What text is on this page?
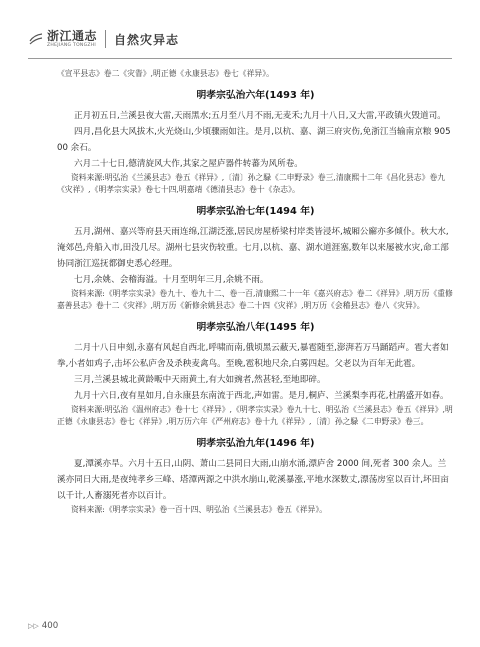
浙江通志
ZHEJIANG TONGZHI 自然灾异志

《宣平县志》卷二《灾眚》,明正德《永康县志》卷七《祥异》。

明孝宗弘治六年(1493 年)

正月初五日,兰溪县夜大雷,天雨黑水;五月至八月不雨,无麦禾;九月十八日,又大雷,平政镇火毁道司。

四月,昌化县大风拔木,火光烧山,少顷骤雨如注。是月,以杭、嘉、湖三府灾伤,免浙江当输南京粮 90500 余石。

六月二十七日,德清旋风大作,其家之屋庐器件转蕃为风所卷。

资料来源:明弘治《兰溪县志》卷五《祥异》,〔清〕孙之騄《二申野录》卷三,清康熙十二年《昌化县志》卷九《灾祥》,《明孝宗实录》卷七十四,明嘉靖《德清县志》卷十《杂志》。

明孝宗弘治七年(1494 年)

五月,湖州、嘉兴等府县天雨连绵,江湖泛涨,居民房屋桥梁村岸类皆浸坏,城厢公廨亦多倾仆。秋大水,淹郊邑,舟船入市,田没几尽。湖州七县灾伤较重。七月,以杭、嘉、湖水道涯塞,数年以来屡被水灾,命工部协同浙江巡抚都御史悉心经理。

七月,余姚、会稽海溢。十月至明年三月,余姚不雨。

资料来源:《明孝宗实录》卷九十、卷九十二、卷一百,清康熙二十一年《嘉兴府志》卷二《祥异》,明万历《重修嘉善县志》卷十二《灾祥》,明万历《新修余姚县志》卷二十四《灾祥》,明万历《会稽县志》卷八《灾异》。

明孝宗弘治八年(1495 年)

二月十八日申刻,永嘉有风起自西北,呼啸而南,俄顷黑云蔽天,暴雹随至,澎湃若万马踊蹈声。雹大者如拳,小者如鸡子,击坏公私庐舍及杀秧麦禽鸟。至晚,雹积地尺余,白雾四起。父老以为百年无此雹。

三月,兰溪县城北黄龄畈中天雨黄土,有大如豌者,然甚轻,至地即碎。

九月十六日,夜有星如月,自永康县东南流于西北,声如雷。是月,桐庐、兰溪梨李再花,杜鹃盛开如春。

资料来源:明弘治《温州府志》卷十七《祥异》,《明孝宗实录》卷九十七、明弘治《兰溪县志》卷五《祥异》,明正德《永康县志》卷七《祥异》,明万历六年《严州府志》卷十九《祥异》,〔清〕孙之騄《二申野录》卷三。

明孝宗弘治九年(1496 年)

夏,潭溪亦旱。六月十五日,山阴、萧山二县同日大雨,山崩水涌,漂庐舍 2000 间,死者 300 余人。兰溪亦同日大雨,是夜纯孝乡三峰、塔潭两源之中洪水崩山,乾溪暴涨,平地水深数丈,漂荡房室以百计,坏田亩以千计,人畜溺死者亦以百计。

资料来源:《明孝宗实录》卷一百十四、明弘治《兰溪县志》卷五《祥异》。

▷▷ 400
